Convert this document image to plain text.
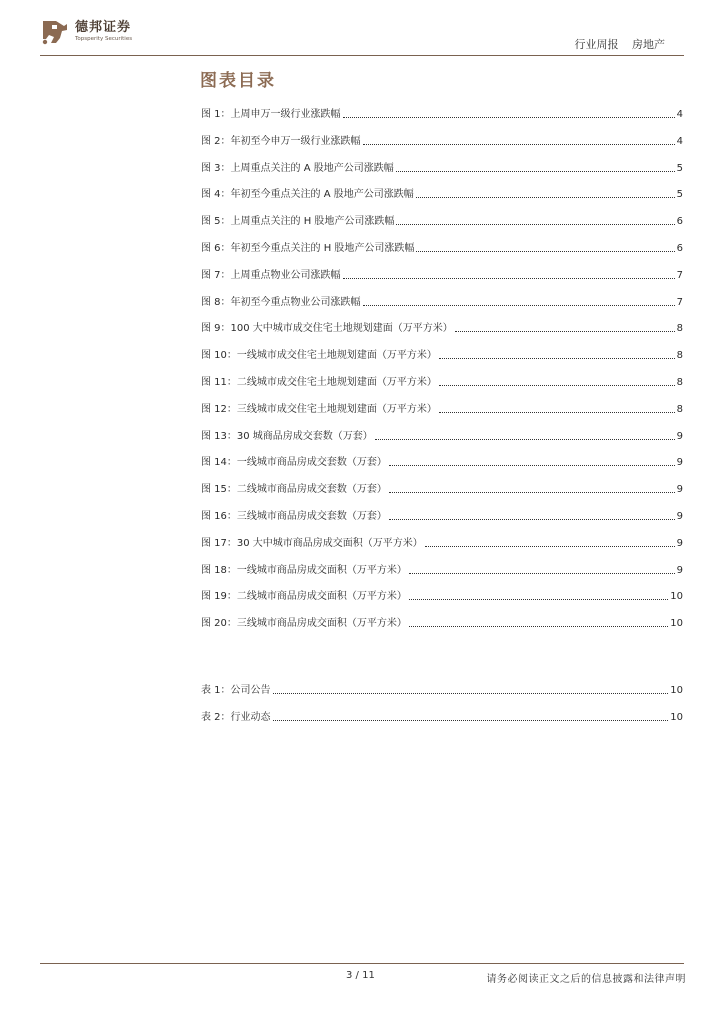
德邦证券
Topsperity Securities	行业周报 房地产
图表目录
图 1：上周申万一级行业涨跌幅	4
图 2：年初至今申万一级行业涨跌幅	4
图 3：上周重点关注的 A 股地产公司涨跌幅	5
图 4：年初至今重点关注的 A 股地产公司涨跌幅	5
图 5：上周重点关注的 H 股地产公司涨跌幅	6
图 6：年初至今重点关注的 H 股地产公司涨跌幅	6
图 7：上周重点物业公司涨跌幅	7
图 8：年初至今重点物业公司涨跌幅	7
图 9：100 大中城市成交住宅土地规划建面（万平方米）	8
图 10：一线城市成交住宅土地规划建面（万平方米）	8
图 11：二线城市成交住宅土地规划建面（万平方米）	8
图 12：三线城市成交住宅土地规划建面（万平方米）	8
图 13：30 城商品房成交套数（万套）	9
图 14：一线城市商品房成交套数（万套）	9
图 15：二线城市商品房成交套数（万套）	9
图 16：三线城市商品房成交套数（万套）	9
图 17：30 大中城市商品房成交面积（万平方米）	9
图 18：一线城市商品房成交面积（万平方米）	9
图 19：二线城市商品房成交面积（万平方米）	10
图 20：三线城市商品房成交面积（万平方米）	10
表 1：公司公告	10
表 2：行业动态	10
3 / 11	请务必阅读正文之后的信息披露和法律声明
